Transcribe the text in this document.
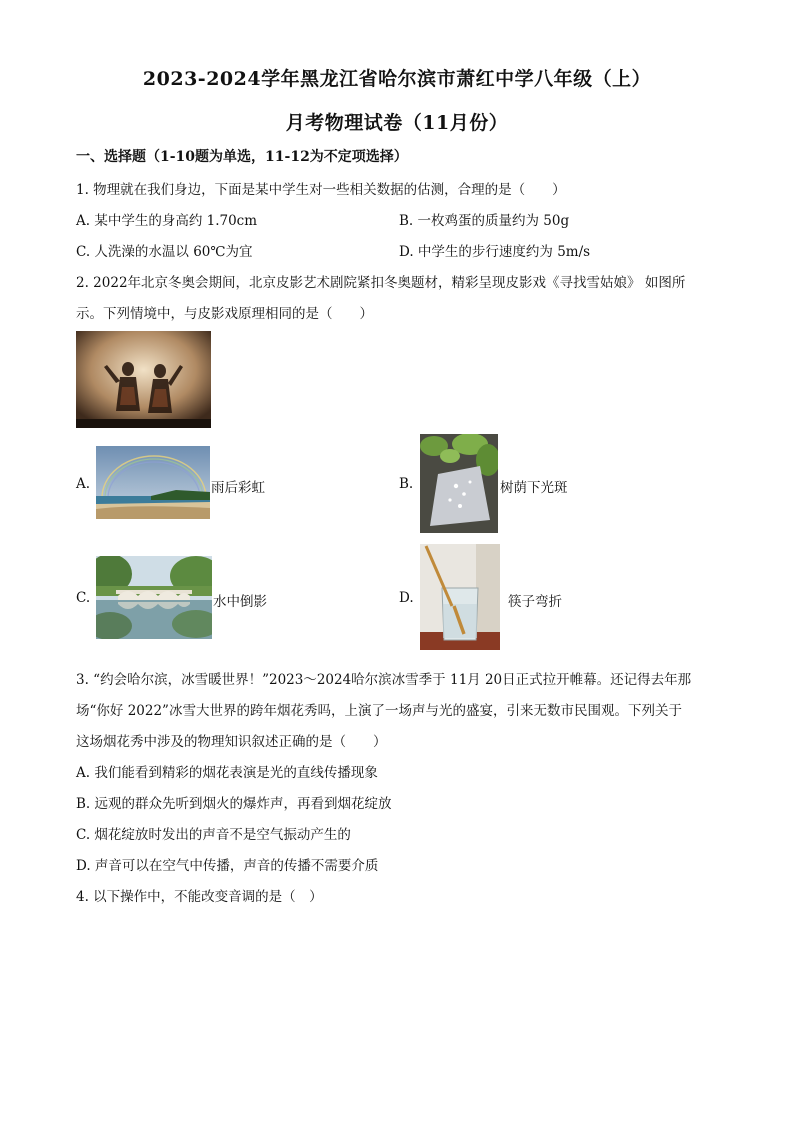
2023-2024学年黑龙江省哈尔滨市萧红中学八年级（上）
月考物理试卷（11月份）
一、选择题（1-10题为单选，11-12为不定项选择）
1. 物理就在我们身边，下面是某中学生对一些相关数据的估测，合理的是（　　）
A. 某中学生的身高约 1.70cm	B. 一枚鸡蛋的质量约为 50g
C. 人洗澡的水温以 60℃为宜	D. 中学生的步行速度约为 5m/s
2. 2022年北京冬奥会期间，北京皮影艺术剧院紧扣冬奥题材，精彩呈现皮影戏《寻找雪姑娘》 如图所
示。下列情境中，与皮影戏原理相同的是（　　）
A.	雨后彩虹	B.	树荫下光斑
C.	水中倒影	D.	筷子弯折
3. “约会哈尔滨，冰雪暖世界！”2023～2024哈尔滨冰雪季于 11月 20日正式拉开帷幕。还记得去年那
场“你好 2022”冰雪大世界的跨年烟花秀吗，上演了一场声与光的盛宴，引来无数市民围观。下列关于
这场烟花秀中涉及的物理知识叙述正确的是（　　）
A. 我们能看到精彩的烟花表演是光的直线传播现象
B. 远观的群众先听到烟火的爆炸声，再看到烟花绽放
C. 烟花绽放时发出的声音不是空气振动产生的
D. 声音可以在空气中传播，声音的传播不需要介质
4. 以下操作中，不能改变音调的是（　）
